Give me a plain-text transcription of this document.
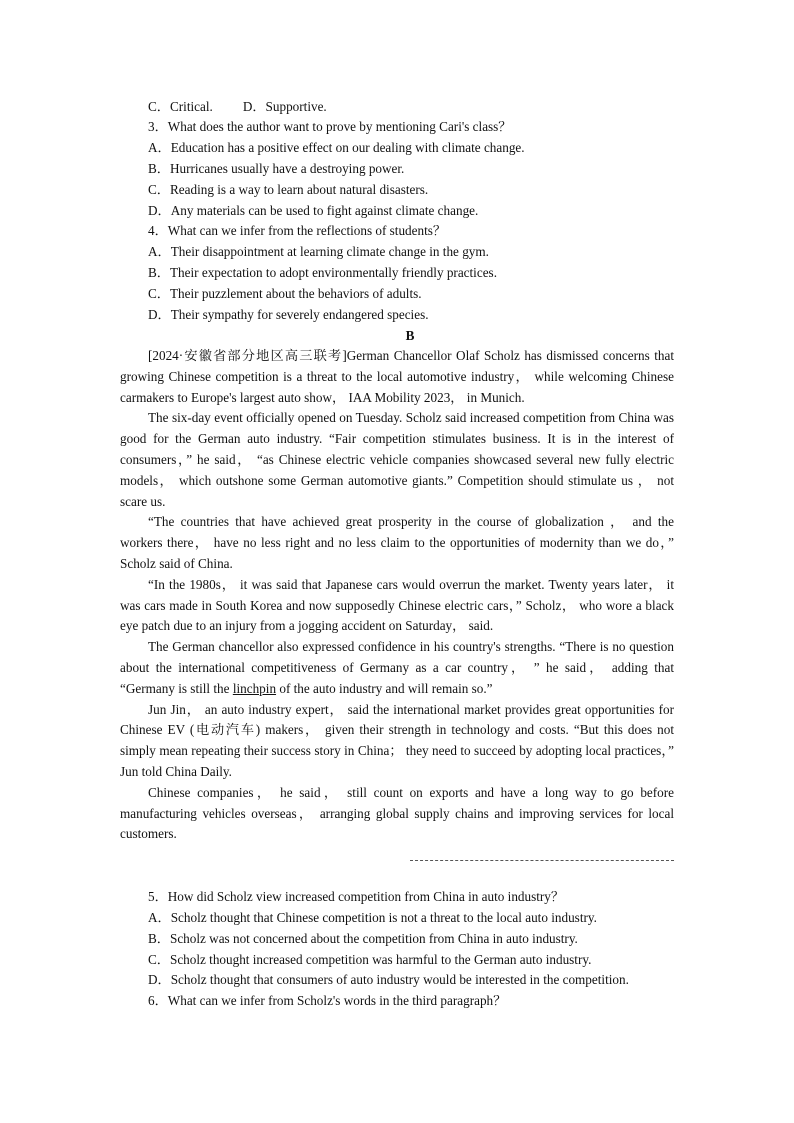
C．Critical. D．Supportive.
3．What does the author want to prove by mentioning Cari's class？
A．Education has a positive effect on our dealing with climate change.
B．Hurricanes usually have a destroying power.
C．Reading is a way to learn about natural disasters.
D．Any materials can be used to fight against climate change.
4．What can we infer from the reflections of students？
A．Their disappointment at learning climate change in the gym.
B．Their expectation to adopt environmentally friendly practices.
C．Their puzzlement about the behaviors of adults.
D．Their sympathy for severely endangered species.
B

[2024·安徽省部分地区高三联考]German Chancellor Olaf Scholz has dismissed concerns that growing Chinese competition is a threat to the local automotive industry， while welcoming Chinese carmakers to Europe's largest auto show， IAA Mobility 2023， in Munich.

The six-day event officially opened on Tuesday. Scholz said increased competition from China was good for the German auto industry. “Fair competition stimulates business. It is in the interest of consumers，” he said， “as Chinese electric vehicle companies showcased several new fully electric models， which outshone some German automotive giants.” Competition should stimulate us ， not scare us.

“The countries that have achieved great prosperity in the course of globalization ， and the workers there， have no less right and no less claim to the opportunities of modernity than we do，” Scholz said of China.

“In the 1980s， it was said that Japanese cars would overrun the market. Twenty years later， it was cars made in South Korea and now supposedly Chinese electric cars，” Scholz， who wore a black eye patch due to an injury from a jogging accident on Saturday， said.

The German chancellor also expressed confidence in his country's strengths. “There is no question about the international competitiveness of Germany as a car country， ” he said， adding that “Germany is still the linchpin of the auto industry and will remain so.”

Jun Jin， an auto industry expert， said the international market provides great opportunities for Chinese EV (电动汽车) makers， given their strength in technology and costs. “But this does not simply mean repeating their success story in China； they need to succeed by adopting local practices，” Jun told China Daily.

Chinese companies， he said， still count on exports and have a long way to go before manufacturing vehicles overseas， arranging global supply chains and improving services for local customers.

5．How did Scholz view increased competition from China in auto industry？
A．Scholz thought that Chinese competition is not a threat to the local auto industry.
B．Scholz was not concerned about the competition from China in auto industry.
C．Scholz thought increased competition was harmful to the German auto industry.
D．Scholz thought that consumers of auto industry would be interested in the competition.
6．What can we infer from Scholz's words in the third paragraph？
